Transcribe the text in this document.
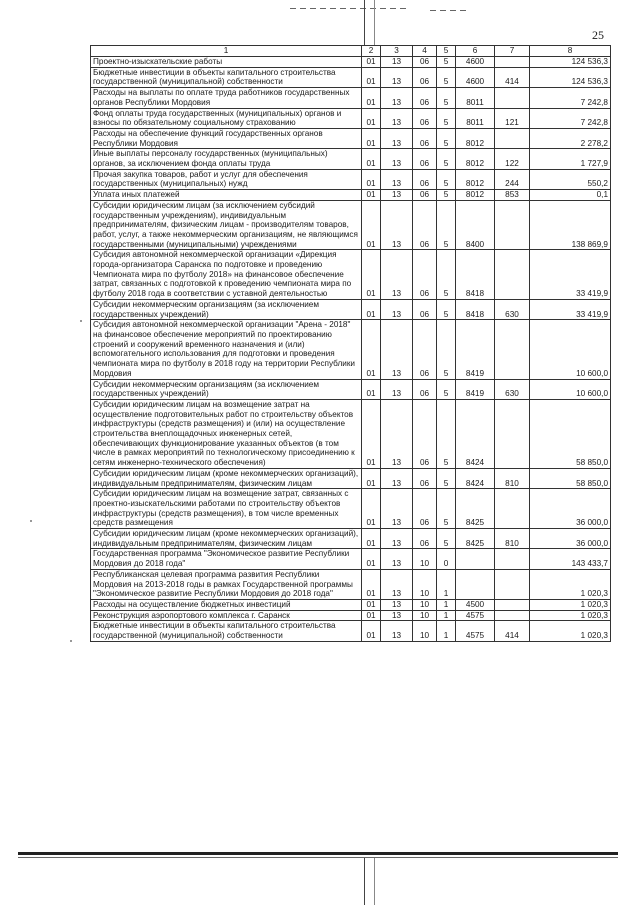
25
1	2	3	4	5	6	7	8
Проектно-изыскательские работы	01	13	06	5	4600		124 536,3
Бюджетные инвестиции в объекты капитального строительства государственной (муниципальной) собственности	01	13	06	5	4600	414	124 536,3
Расходы на выплаты по оплате труда работников государственных органов Республики Мордовия	01	13	06	5	8011		7 242,8
Фонд оплаты труда государственных (муниципальных) органов и взносы по обязательному социальному страхованию	01	13	06	5	8011	121	7 242,8
Расходы на обеспечение функций государственных органов Республики Мордовия	01	13	06	5	8012		2 278,2
Иные выплаты персоналу государственных (муниципальных) органов, за исключением фонда оплаты труда	01	13	06	5	8012	122	1 727,9
Прочая закупка товаров, работ и услуг для обеспечения государственных (муниципальных) нужд	01	13	06	5	8012	244	550,2
Уплата иных платежей	01	13	06	5	8012	853	0,1
Субсидии юридическим лицам (за исключением субсидий государственным учреждениям), индивидуальным предпринимателям, физическим лицам - производителям товаров, работ, услуг, а также некоммерческим организациям, не являющимся государственными (муниципальными) учреждениями	01	13	06	5	8400		138 869,9
Субсидия автономной некоммерческой организации «Дирекция города-организатора Саранска по подготовке и проведению Чемпионата мира по футболу 2018» на финансовое обеспечение затрат, связанных с подготовкой к проведению чемпионата мира по футболу 2018 года в соответствии с уставной деятельностью	01	13	06	5	8418		33 419,9
Субсидии некоммерческим организациям (за исключением государственных учреждений)	01	13	06	5	8418	630	33 419,9
Субсидия автономной некоммерческой организации "Арена - 2018" на финансовое обеспечение мероприятий по проектированию строений и сооружений временного назначения и (или) вспомогательного использования для подготовки и проведения чемпионата мира по футболу в 2018 году на территории Республики Мордовия	01	13	06	5	8419		10 600,0
Субсидии некоммерческим организациям (за исключением государственных учреждений)	01	13	06	5	8419	630	10 600,0
Субсидии юридическим лицам на возмещение затрат на осуществление подготовительных работ по строительству объектов инфраструктуры (средств размещения) и (или) на осуществление строительства внеплощадочных инженерных сетей, обеспечивающих функционирование указанных объектов (в том числе в рамках мероприятий по технологическому присоединению к сетям инженерно-технического обеспечения)	01	13	06	5	8424		58 850,0
Субсидии юридическим лицам (кроме некоммерческих организаций), индивидуальным предпринимателям, физическим лицам	01	13	06	5	8424	810	58 850,0
Субсидии юридическим лицам на возмещение затрат, связанных с проектно-изыскательскими работами по строительству объектов инфраструктуры (средств размещения), в том числе временных средств размещения	01	13	06	5	8425		36 000,0
Субсидии юридическим лицам (кроме некоммерческих организаций), индивидуальным предпринимателям, физическим лицам	01	13	06	5	8425	810	36 000,0
Государственная программа "Экономическое развитие Республики Мордовия до 2018 года"	01	13	10	0			143 433,7
Республиканская целевая программа развития Республики Мордовия на 2013-2018 годы в рамках Государственной программы "Экономическое развитие Республики Мордовия до 2018 года"	01	13	10	1			1 020,3
Расходы на осуществление бюджетных инвестиций	01	13	10	1	4500		1 020,3
Реконструкция аэропортового комплекса г. Саранск	01	13	10	1	4575		1 020,3
Бюджетные инвестиции в объекты капитального строительства государственной (муниципальной) собственности	01	13	10	1	4575	414	1 020,3
